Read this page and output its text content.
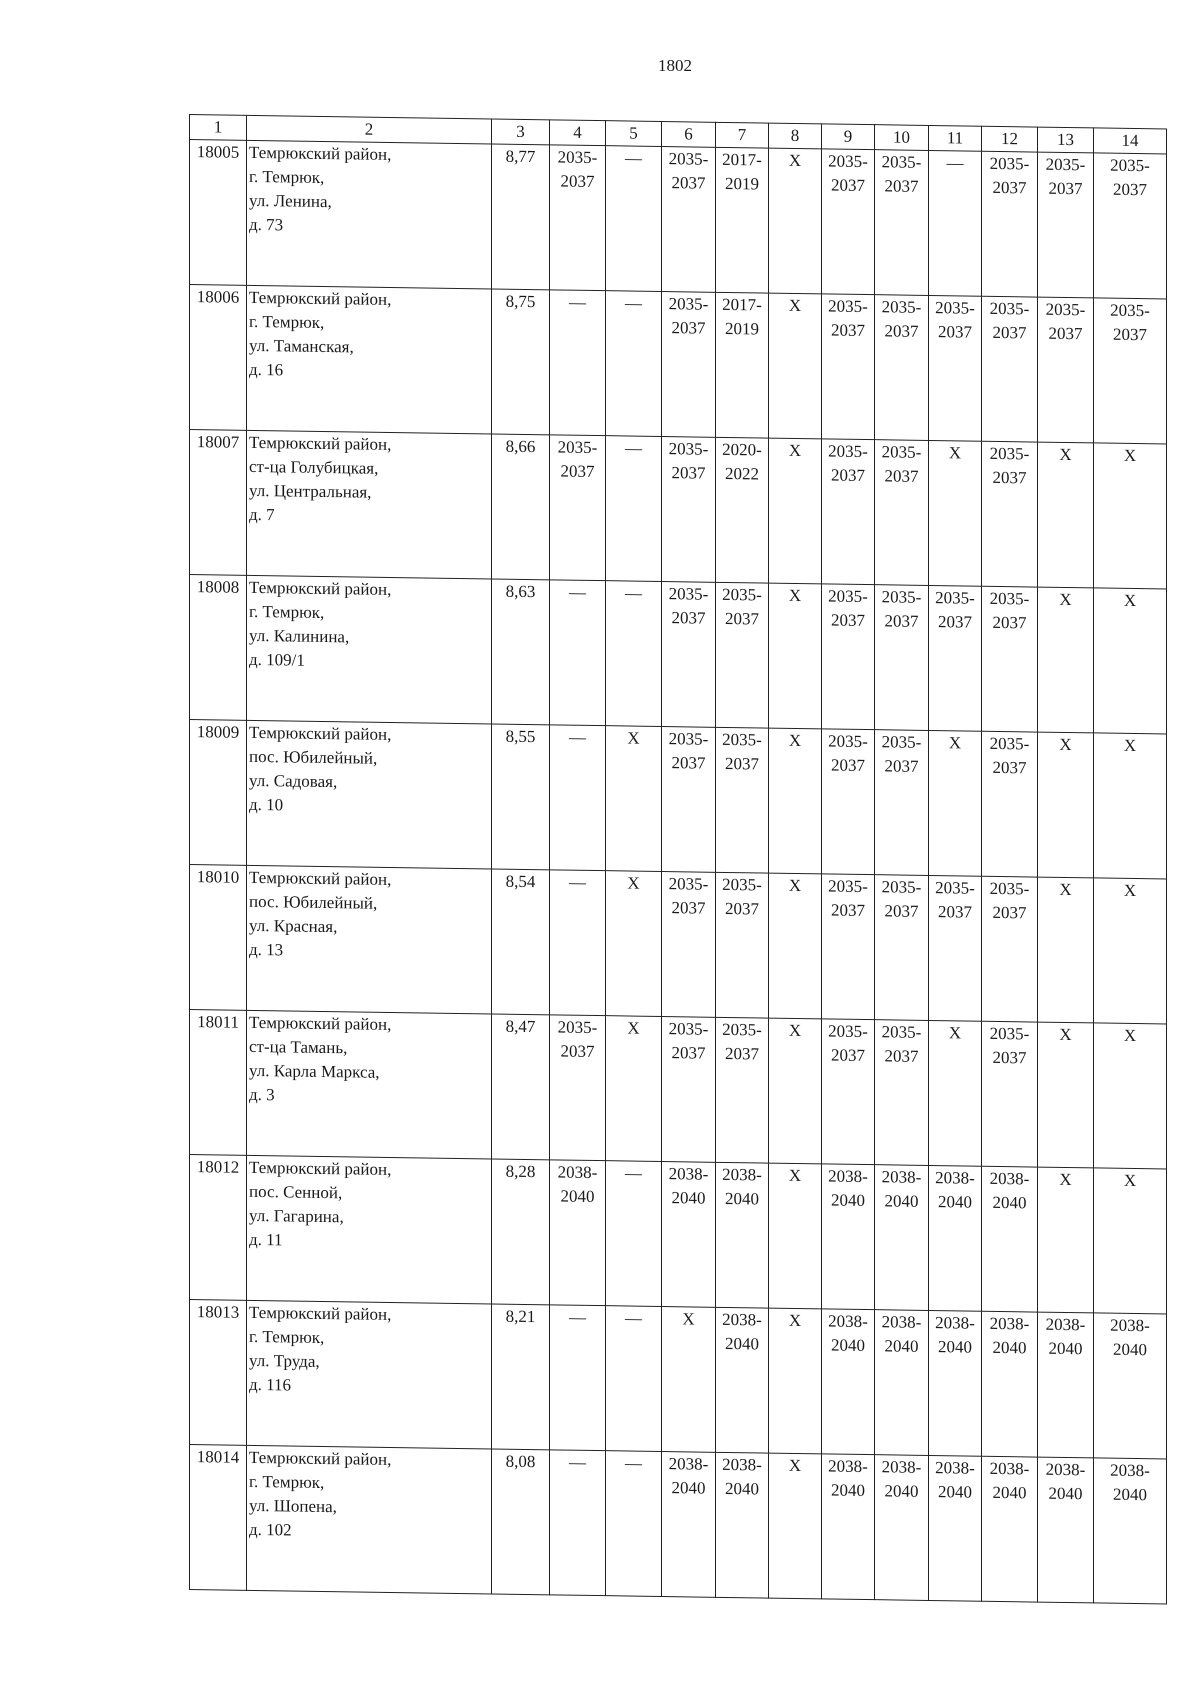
1802
1	2	3	4	5	6	7	8	9	10	11	12	13	14
18005	Темрюкский район,
г. Темрюк,
ул. Ленина,
д. 73	8,77	2035-
2037	—	2035-
2037	2017-
2019	X	2035-
2037	2035-
2037	—	2035-
2037	2035-
2037	2035-
2037
18006	Темрюкский район,
г. Темрюк,
ул. Таманская,
д. 16	8,75	—	—	2035-
2037	2017-
2019	X	2035-
2037	2035-
2037	2035-
2037	2035-
2037	2035-
2037	2035-
2037
18007	Темрюкский район,
ст-ца Голубицкая,
ул. Центральная,
д. 7	8,66	2035-
2037	—	2035-
2037	2020-
2022	X	2035-
2037	2035-
2037	X	2035-
2037	X	X
18008	Темрюкский район,
г. Темрюк,
ул. Калинина,
д. 109/1	8,63	—	—	2035-
2037	2035-
2037	X	2035-
2037	2035-
2037	2035-
2037	2035-
2037	X	X
18009	Темрюкский район,
пос. Юбилейный,
ул. Садовая,
д. 10	8,55	—	X	2035-
2037	2035-
2037	X	2035-
2037	2035-
2037	X	2035-
2037	X	X
18010	Темрюкский район,
пос. Юбилейный,
ул. Красная,
д. 13	8,54	—	X	2035-
2037	2035-
2037	X	2035-
2037	2035-
2037	2035-
2037	2035-
2037	X	X
18011	Темрюкский район,
ст-ца Тамань,
ул. Карла Маркса,
д. 3	8,47	2035-
2037	X	2035-
2037	2035-
2037	X	2035-
2037	2035-
2037	X	2035-
2037	X	X
18012	Темрюкский район,
пос. Сенной,
ул. Гагарина,
д. 11	8,28	2038-
2040	—	2038-
2040	2038-
2040	X	2038-
2040	2038-
2040	2038-
2040	2038-
2040	X	X
18013	Темрюкский район,
г. Темрюк,
ул. Труда,
д. 116	8,21	—	—	X	2038-
2040	X	2038-
2040	2038-
2040	2038-
2040	2038-
2040	2038-
2040	2038-
2040
18014	Темрюкский район,
г. Темрюк,
ул. Шопена,
д. 102	8,08	—	—	2038-
2040	2038-
2040	X	2038-
2040	2038-
2040	2038-
2040	2038-
2040	2038-
2040	2038-
2040
